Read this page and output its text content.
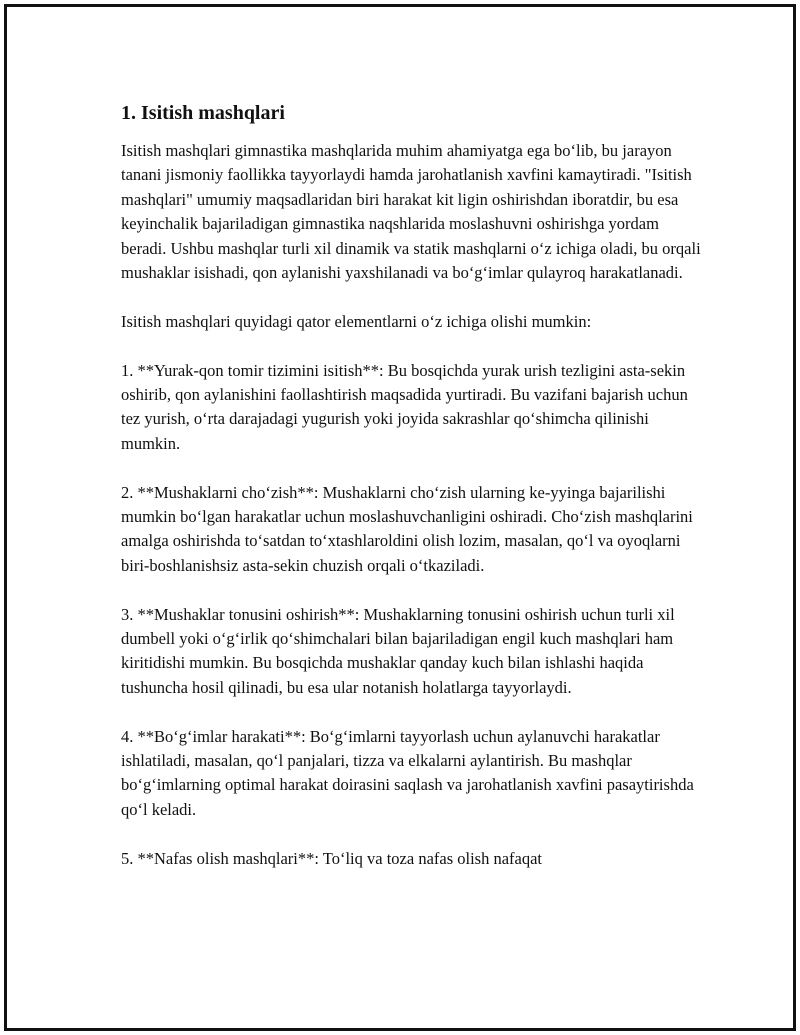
1. Isitish mashqlari

Isitish mashqlari gimnastika mashqlarida muhim ahamiyatga ega bo‘lib, bu jarayon tanani jismoniy faollikka tayyorlaydi hamda jarohatlanish xavfini kamaytiradi. "Isitish mashqlari" umumiy maqsadlaridan biri harakat kit ligin oshirishdan iboratdir, bu esa keyinchalik bajariladigan gimnastika naqshlarida moslashuvni oshirishga yordam beradi. Ushbu mashqlar turli xil dinamik va statik mashqlarni o‘z ichiga oladi, bu orqali mushaklar isishadi, qon aylanishi yaxshilanadi va bo‘g‘imlar qulayroq harakatlanadi.

Isitish mashqlari quyidagi qator elementlarni o‘z ichiga olishi mumkin:

1. **Yurak-qon tomir tizimini isitish**: Bu bosqichda yurak urish tezligini asta-sekin oshirib, qon aylanishini faollashtirish maqsadida yurtiradi. Bu vazifani bajarish uchun tez yurish, o‘rta darajadagi yugurish yoki joyida sakrashlar qo‘shimcha qilinishi mumkin.

2. **Mushaklarni cho‘zish**: Mushaklarni cho‘zish ularning ke-yyinga bajarilishi mumkin bo‘lgan harakatlar uchun moslashuvchanligini oshiradi. Cho‘zish mashqlarini amalga oshirishda to‘satdan to‘xtashlaroldini olish lozim, masalan, qo‘l va oyoqlarni biri-boshlanishsiz asta-sekin chuzish orqali o‘tkaziladi.

3. **Mushaklar tonusini oshirish**: Mushaklarning tonusini oshirish uchun turli xil dumbell yoki o‘g‘irlik qo‘shimchalari bilan bajariladigan engil kuch mashqlari ham kiritidishi mumkin. Bu bosqichda mushaklar qanday kuch bilan ishlashi haqida tushuncha hosil qilinadi, bu esa ular notanish holatlarga tayyorlaydi.

4. **Bo‘g‘imlar harakati**: Bo‘g‘imlarni tayyorlash uchun aylanuvchi harakatlar ishlatiladi, masalan, qo‘l panjalari, tizza va elkalarni aylantirish. Bu mashqlar bo‘g‘imlarning optimal harakat doirasini saqlash va jarohatlanish xavfini pasaytirishda qo‘l keladi.

5. **Nafas olish mashqlari**: To‘liq va toza nafas olish nafaqat
